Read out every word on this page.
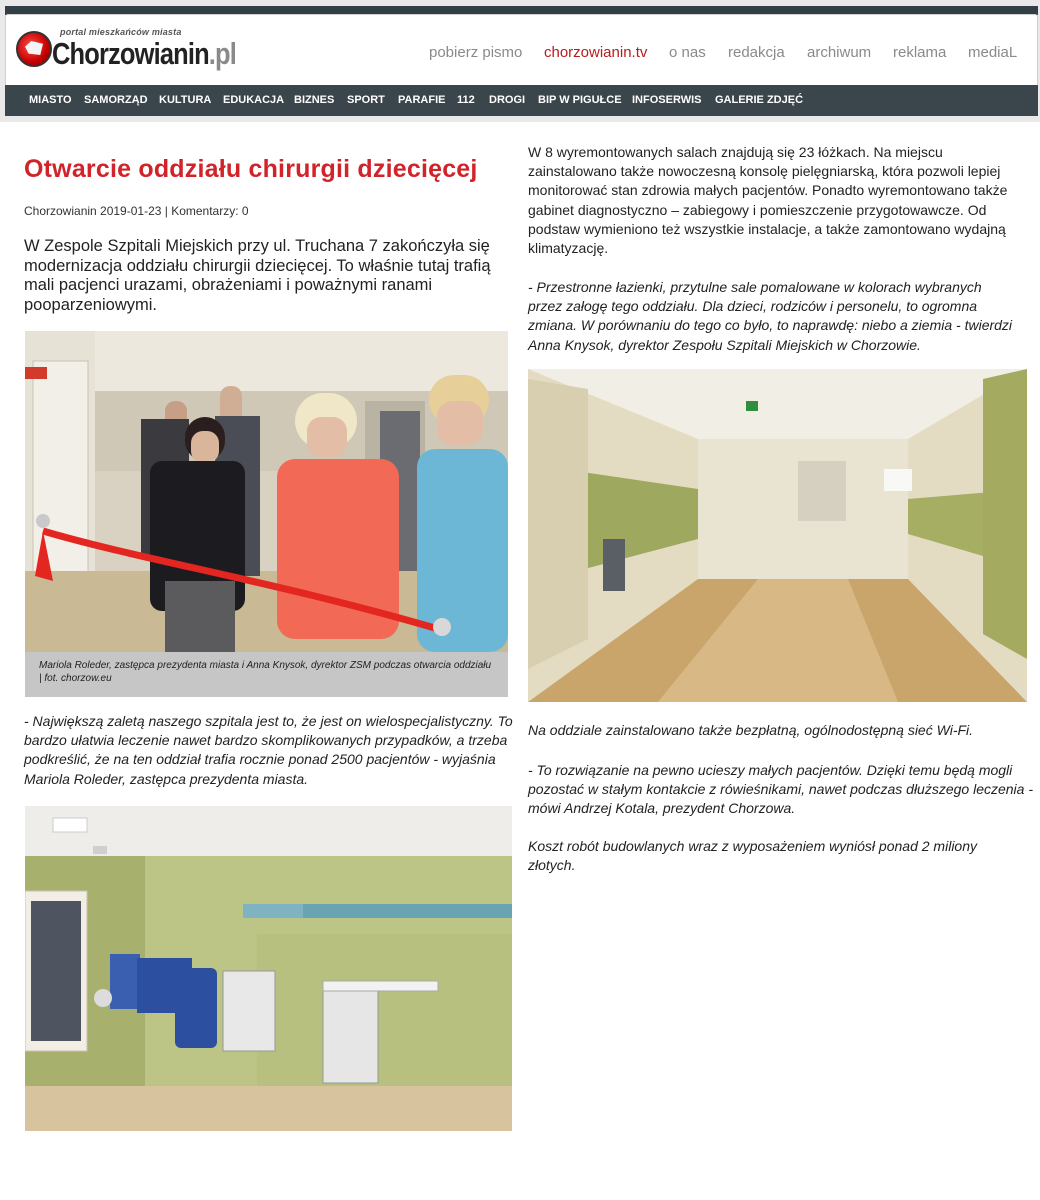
portal mieszkańców miasta
Chorzowianin.pl	pobierz pismo chorzowianin.tv o nas redakcja archiwum reklama mediaL
MIASTO SAMORZĄD KULTURA EDUKACJA BIZNES SPORT PARAFIE 112 DROGI BIP W PIGUŁCE INFOSERWIS GALERIE ZDJĘĆ
Otwarcie oddziału chirurgii dziecięcej
Chorzowianin 2019-01-23 | Komentarzy: 0

W Zespole Szpitali Miejskich przy ul. Truchana 7 zakończyła się modernizacja oddziału chirurgii dziecięcej. To właśnie tutaj trafią mali pacjenci urazami, obrażeniami i poważnymi ranami pooparzeniowymi.

Mariola Roleder, zastępca prezydenta miasta i Anna Knysok, dyrektor ZSM podczas otwarcia oddziału | fot. chorzow.eu

- Największą zaletą naszego szpitala jest to, że jest on wielospecjalistyczny. To bardzo ułatwia leczenie nawet bardzo skomplikowanych przypadków, a trzeba podkreślić, że na ten oddział trafia rocznie ponad 2500 pacjentów - wyjaśnia Mariola Roleder, zastępca prezydenta miasta.

W 8 wyremontowanych salach znajdują się 23 łóżkach. Na miejscu zainstalowano także nowoczesną konsolę pielęgniarską, która pozwoli lepiej monitorować stan zdrowia małych pacjentów. Ponadto wyremontowano także gabinet diagnostyczno – zabiegowy i pomieszczenie przygotowawcze. Od podstaw wymieniono też wszystkie instalacje, a także zamontowano wydajną klimatyzację.

- Przestronne łazienki, przytulne sale pomalowane w kolorach wybranych przez załogę tego oddziału. Dla dzieci, rodziców i personelu, to ogromna zmiana. W porównaniu do tego co było, to naprawdę: niebo a ziemia - twierdzi Anna Knysok, dyrektor Zespołu Szpitali Miejskich w Chorzowie.

Na oddziale zainstalowano także bezpłatną, ogólnodostępną sieć Wi-Fi.

- To rozwiązanie na pewno ucieszy małych pacjentów. Dzięki temu będą mogli pozostać w stałym kontakcie z rówieśnikami, nawet podczas dłuższego leczenia - mówi Andrzej Kotala, prezydent Chorzowa.

Koszt robót budowlanych wraz z wyposażeniem wyniósł ponad 2 miliony złotych.
